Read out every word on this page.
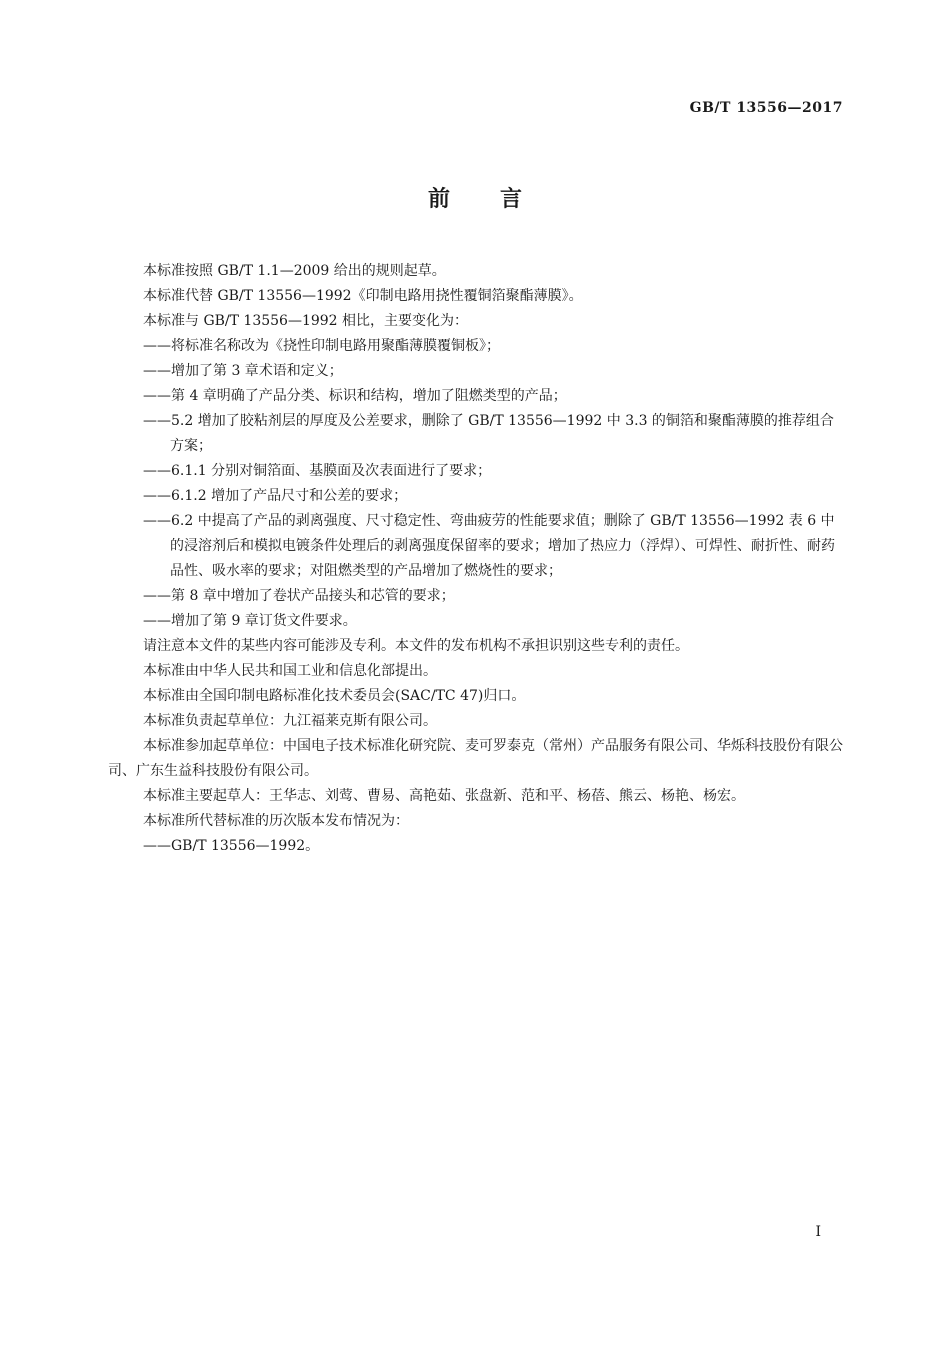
GB/T 13556—2017
前 言

本标准按照 GB/T 1.1—2009 给出的规则起草。

本标准代替 GB/T 13556—1992《印制电路用挠性覆铜箔聚酯薄膜》。

本标准与 GB/T 13556—1992 相比，主要变化为：

——将标准名称改为《挠性印制电路用聚酯薄膜覆铜板》；

——增加了第 3 章术语和定义；

——第 4 章明确了产品分类、标识和结构，增加了阻燃类型的产品；

——5.2 增加了胶粘剂层的厚度及公差要求，删除了 GB/T 13556—1992 中 3.3 的铜箔和聚酯薄膜的推荐组合方案；

——6.1.1 分别对铜箔面、基膜面及次表面进行了要求；

——6.1.2 增加了产品尺寸和公差的要求；

——6.2 中提高了产品的剥离强度、尺寸稳定性、弯曲疲劳的性能要求值；删除了 GB/T 13556—1992 表 6 中的浸溶剂后和模拟电镀条件处理后的剥离强度保留率的要求；增加了热应力（浮焊）、可焊性、耐折性、耐药品性、吸水率的要求；对阻燃类型的产品增加了燃烧性的要求；

——第 8 章中增加了卷状产品接头和芯管的要求；

——增加了第 9 章订货文件要求。

请注意本文件的某些内容可能涉及专利。本文件的发布机构不承担识别这些专利的责任。

本标准由中华人民共和国工业和信息化部提出。

本标准由全国印制电路标准化技术委员会(SAC/TC 47)归口。

本标准负责起草单位：九江福莱克斯有限公司。

本标准参加起草单位：中国电子技术标准化研究院、麦可罗泰克（常州）产品服务有限公司、华烁科技股份有限公司、广东生益科技股份有限公司。

本标准主要起草人：王华志、刘莺、曹易、高艳茹、张盘新、范和平、杨蓓、熊云、杨艳、杨宏。

本标准所代替标准的历次版本发布情况为：

——GB/T 13556—1992。

I
